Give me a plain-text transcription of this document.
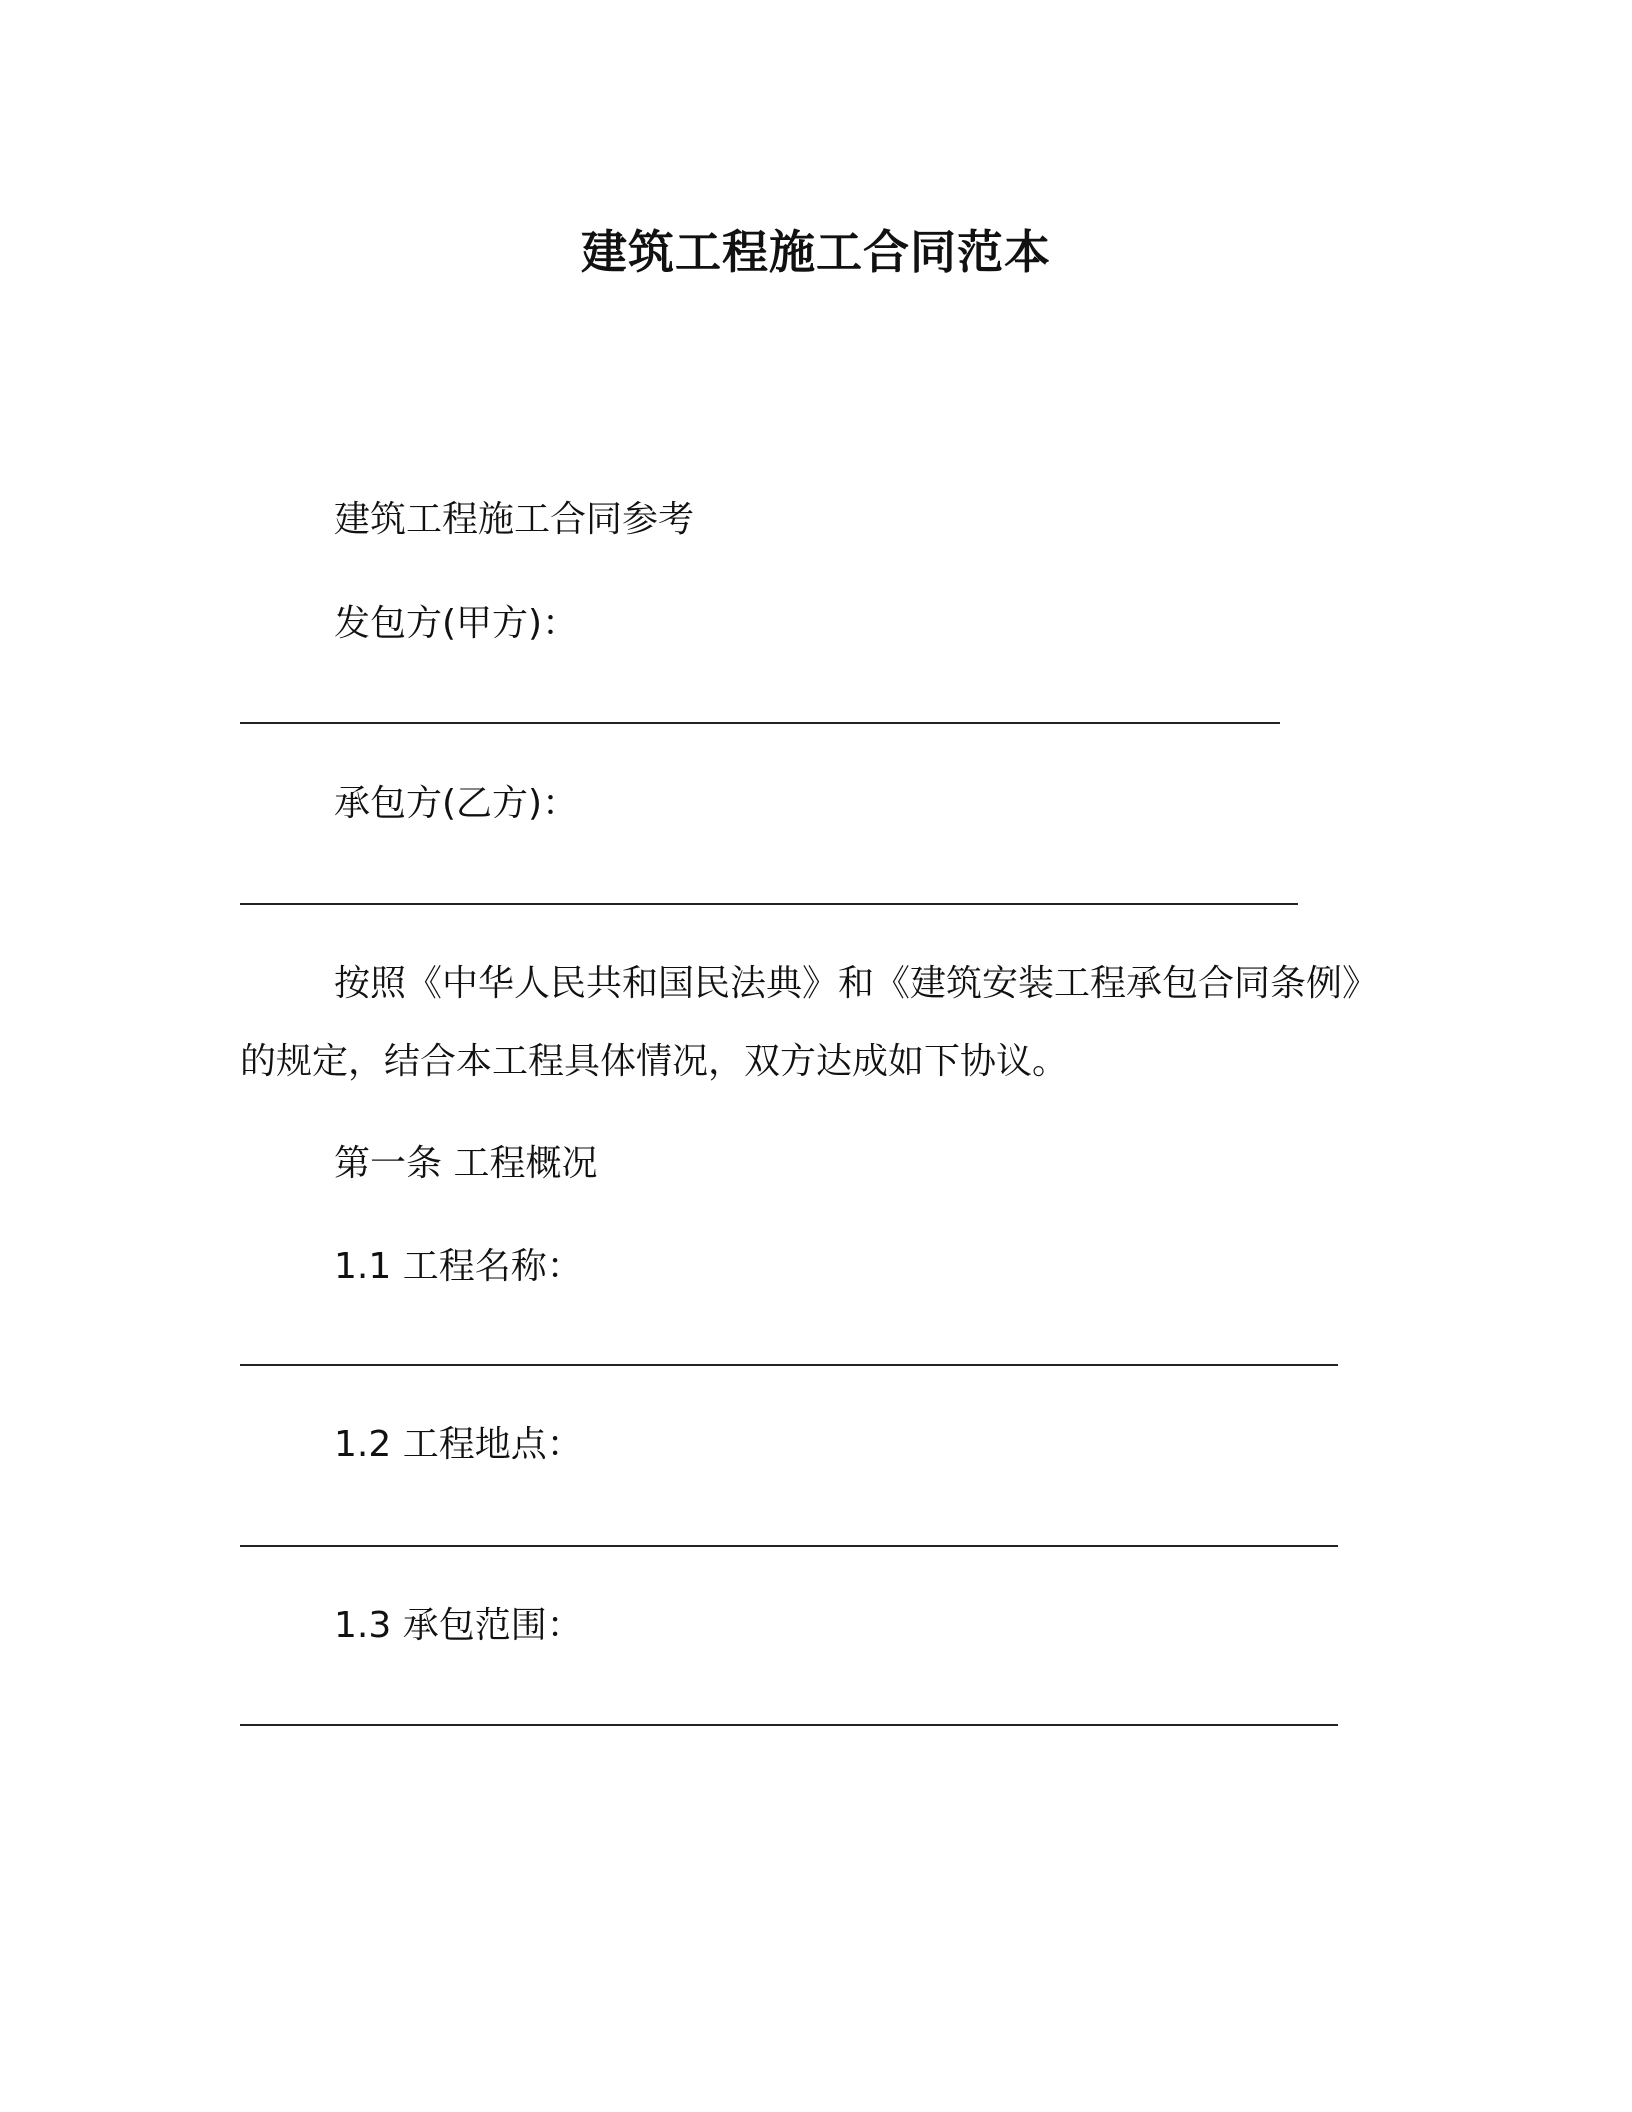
建筑工程施工合同范本
建筑工程施工合同参考
发包方(甲方)：
承包方(乙方)：
按照《中华人民共和国民法典》和《建筑安装工程承包合同条例》
的规定，结合本工程具体情况，双方达成如下协议。
第一条 工程概况
1.1 工程名称：
1.2 工程地点：
1.3 承包范围：
